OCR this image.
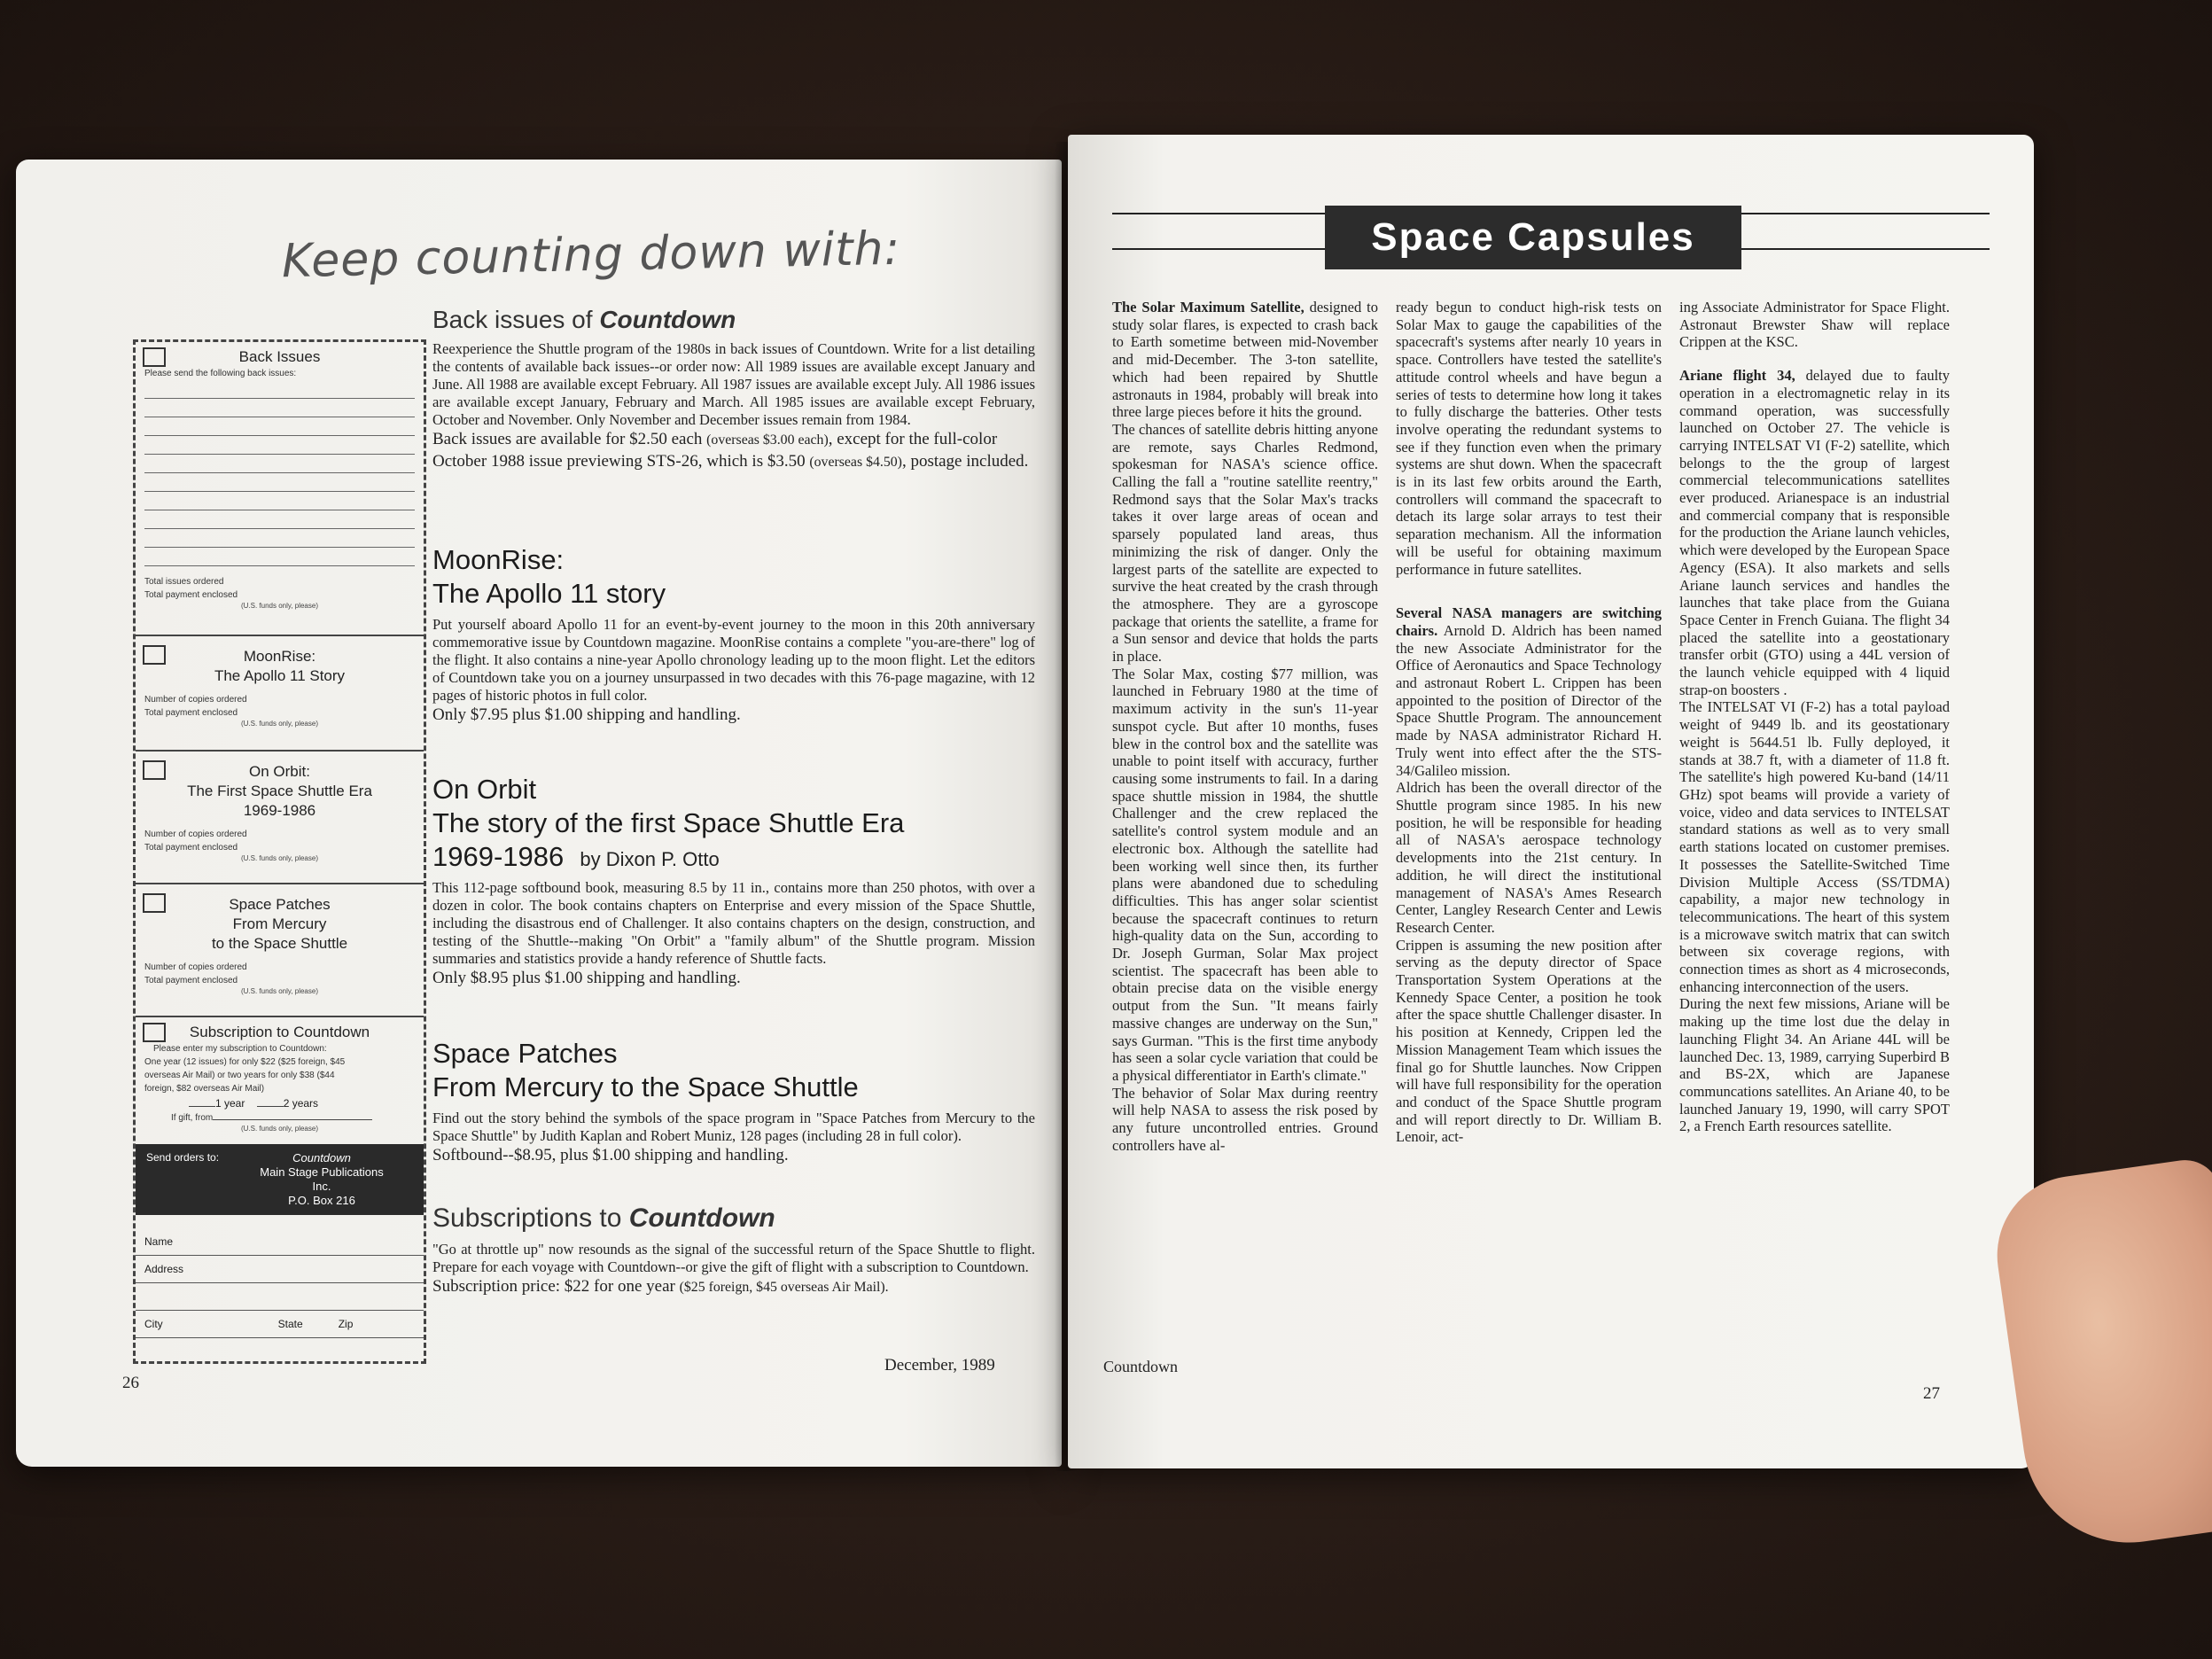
Keep counting down with:
Back Issues
Please send the following back issues:
Total issues ordered
Total payment enclosed
(U.S. funds only, please)
MoonRise:
The Apollo 11 Story
Number of copies ordered
Total payment enclosed
(U.S. funds only, please)
On Orbit:
The First Space Shuttle Era
1969-1986
Number of copies ordered
Total payment enclosed
(U.S. funds only, please)
Space Patches
From Mercury
to the Space Shuttle
Number of copies ordered
Total payment enclosed
(U.S. funds only, please)
Subscription to Countdown
Please enter my subscription to Countdown:
One year (12 issues) for only $22 ($25 foreign, $45
overseas Air Mail) or two years for only $38 ($44
foreign, $82 overseas Air Mail)
1 year	2 years
If gift, from
(U.S. funds only, please)
Send orders to:	Countdown
Main Stage Publications
Inc.
P.O. Box 216
Name
Address
City	State	Zip
Back issues of Countdown

Reexperience the Shuttle program of the 1980s in back issues of Countdown. Write for a list detailing the contents of available back issues--or order now: All 1989 issues are available except January and June. All 1988 are available except February. All 1987 issues are available except July. All 1986 issues are available except January, February and March. All 1985 issues are available except February, October and November. Only November and December issues remain from 1984.

Back issues are available for $2.50 each (overseas $3.00 each), except for the full-color October 1988 issue previewing STS-26, which is $3.50 (overseas $4.50), postage included.

MoonRise:
The Apollo 11 story

Put yourself aboard Apollo 11 for an event-by-event journey to the moon in this 20th anniversary commemorative issue by Countdown magazine. MoonRise contains a complete "you-are-there" log of the flight. It also contains a nine-year Apollo chronology leading up to the moon flight. Let the editors of Countdown take you on a journey unsurpassed in two decades with this 76-page magazine, with 12 pages of historic photos in full color.

Only $7.95 plus $1.00 shipping and handling.

On Orbit
The story of the first Space Shuttle Era
1969-1986 by Dixon P. Otto

This 112-page softbound book, measuring 8.5 by 11 in., contains more than 250 photos, with over a dozen in color. The book contains chapters on Enterprise and every mission of the Space Shuttle, including the disastrous end of Challenger. It also contains chapters on the design, construction, and testing of the Shuttle--making "On Orbit" a "family album" of the Shuttle program. Mission summaries and statistics provide a handy reference of Shuttle facts.

Only $8.95 plus $1.00 shipping and handling.

Space Patches
From Mercury to the Space Shuttle

Find out the story behind the symbols of the space program in "Space Patches from Mercury to the Space Shuttle" by Judith Kaplan and Robert Muniz, 128 pages (including 28 in full color).

Softbound--$8.95, plus $1.00 shipping and handling.

Subscriptions to Countdown

"Go at throttle up" now resounds as the signal of the successful return of the Space Shuttle to flight. Prepare for each voyage with Countdown--or give the gift of flight with a subscription to Countdown.

Subscription price: $22 for one year ($25 foreign, $45 overseas Air Mail).

26
December, 1989
Space Capsules

The Solar Maximum Satellite, designed to study solar flares, is expected to crash back to Earth sometime between mid-November and mid-December. The 3-ton satellite, which had been repaired by Shuttle astronauts in 1984, probably will break into three large pieces before it hits the ground.

The chances of satellite debris hitting anyone are remote, says Charles Redmond, spokesman for NASA's science office. Calling the fall a "routine satellite reentry," Redmond says that the Solar Max's tracks takes it over large areas of ocean and sparsely populated land areas, thus minimizing the risk of danger. Only the largest parts of the satellite are expected to survive the heat created by the crash through the atmosphere. They are a gyroscope package that orients the satellite, a frame for a Sun sensor and device that holds the parts in place.

The Solar Max, costing $77 million, was launched in February 1980 at the time of maximum activity in the sun's 11-year sunspot cycle. But after 10 months, fuses blew in the control box and the satellite was unable to point itself with accuracy, further causing some instruments to fail. In a daring space shuttle mission in 1984, the shuttle Challenger and the crew replaced the satellite's control system module and an electronic box. Although the satellite had been working well since then, its further plans were abandoned due to scheduling difficulties. This has anger solar scientist because the spacecraft continues to return high-quality data on the Sun, according to Dr. Joseph Gurman, Solar Max project scientist. The spacecraft has been able to obtain precise data on the visible energy output from the Sun. "It means fairly massive changes are underway on the Sun," says Gurman. "This is the first time anybody has seen a solar cycle variation that could be a physical differentiator in Earth's climate."

The behavior of Solar Max during reentry will help NASA to assess the risk posed by any future uncontrolled entries. Ground controllers have al-

ready begun to conduct high-risk tests on Solar Max to gauge the capabilities of the spacecraft's systems after nearly 10 years in space. Controllers have tested the satellite's attitude control wheels and have begun a series of tests to determine how long it takes to fully discharge the batteries. Other tests involve operating the redundant systems to see if they function even when the primary systems are shut down. When the spacecraft is in its last few orbits around the Earth, controllers will command the spacecraft to detach its large solar arrays to test their separation mechanism. All the information will be useful for obtaining maximum performance in future satellites.

Several NASA managers are switching chairs. Arnold D. Aldrich has been named the new Associate Administrator for the Office of Aeronautics and Space Technology and astronaut Robert L. Crippen has been appointed to the position of Director of the Space Shuttle Program. The announcement made by NASA administrator Richard H. Truly went into effect after the the STS-34/Galileo mission.

Aldrich has been the overall director of the Shuttle program since 1985. In his new position, he will be responsible for heading all of NASA's aerospace technology developments into the 21st century. In addition, he will direct the institutional management of NASA's Ames Research Center, Langley Research Center and Lewis Research Center.

Crippen is assuming the new position after serving as the deputy director of Space Transportation System Operations at the Kennedy Space Center, a position he took after the space shuttle Challenger disaster. In his position at Kennedy, Crippen led the Mission Management Team which issues the final go for Shuttle launches. Now Crippen will have full responsibility for the operation and conduct of the Space Shuttle program and will report directly to Dr. William B. Lenoir, act-

ing Associate Administrator for Space Flight. Astronaut Brewster Shaw will replace Crippen at the KSC.

Ariane flight 34, delayed due to faulty operation in a electromagnetic relay in its command operation, was successfully launched on October 27. The vehicle is carrying INTELSAT VI (F-2) satellite, which belongs to the the group of largest commercial telecommunications satellites ever produced. Arianespace is an industrial and commercial company that is responsible for the production the Ariane launch vehicles, which were developed by the European Space Agency (ESA). It also markets and sells Ariane launch services and handles the launches that take place from the Guiana Space Center in French Guiana. The flight 34 placed the satellite into a geostationary transfer orbit (GTO) using a 44L version of the launch vehicle equipped with 4 liquid strap-on boosters .

The INTELSAT VI (F-2) has a total payload weight of 9449 lb. and its geostationary weight is 5644.51 lb. Fully deployed, it stands at 38.7 ft, with a diameter of 11.8 ft. The satellite's high powered Ku-band (14/11 GHz) spot beams will provide a variety of voice, video and data services to INTELSAT standard stations as well as to very small earth stations located on customer premises. It possesses the Satellite-Switched Time Division Multiple Access (SS/TDMA) capability, a major new technology in telecommunications. The heart of this system is a microwave switch matrix that can switch between six coverage regions, with connection times as short as 4 microseconds, enhancing interconnection of the users.

During the next few missions, Ariane will be making up the time lost due the delay in launching Flight 34. An Ariane 44L will be launched Dec. 13, 1989, carrying Superbird B and BS-2X, which are Japanese communcations satellites. An Ariane 40, to be launched January 19, 1990, will carry SPOT 2, a French Earth resources satellite.

Countdown
27
